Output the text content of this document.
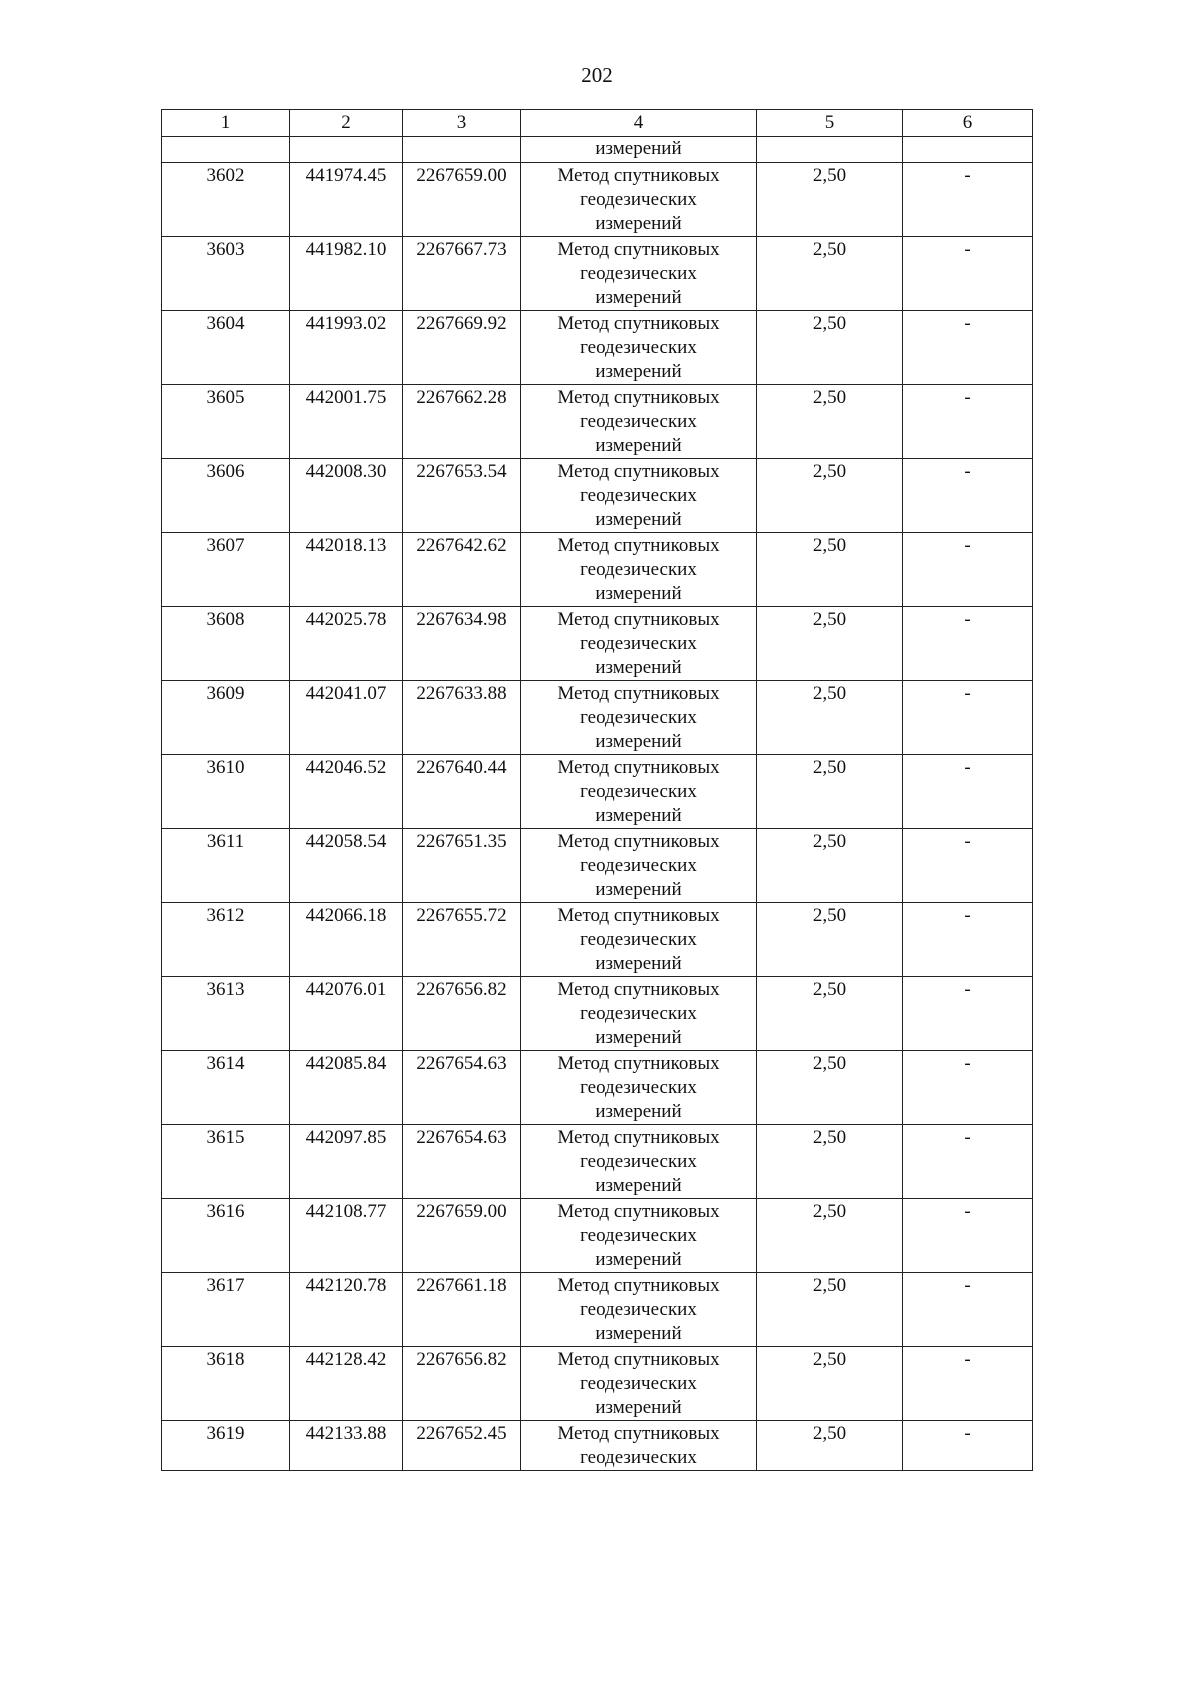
202
1	2	3	4	5	6
			измерений		
3602	441974.45	2267659.00	Метод спутниковых
геодезических
измерений	2,50	-
3603	441982.10	2267667.73	Метод спутниковых
геодезических
измерений	2,50	-
3604	441993.02	2267669.92	Метод спутниковых
геодезических
измерений	2,50	-
3605	442001.75	2267662.28	Метод спутниковых
геодезических
измерений	2,50	-
3606	442008.30	2267653.54	Метод спутниковых
геодезических
измерений	2,50	-
3607	442018.13	2267642.62	Метод спутниковых
геодезических
измерений	2,50	-
3608	442025.78	2267634.98	Метод спутниковых
геодезических
измерений	2,50	-
3609	442041.07	2267633.88	Метод спутниковых
геодезических
измерений	2,50	-
3610	442046.52	2267640.44	Метод спутниковых
геодезических
измерений	2,50	-
3611	442058.54	2267651.35	Метод спутниковых
геодезических
измерений	2,50	-
3612	442066.18	2267655.72	Метод спутниковых
геодезических
измерений	2,50	-
3613	442076.01	2267656.82	Метод спутниковых
геодезических
измерений	2,50	-
3614	442085.84	2267654.63	Метод спутниковых
геодезических
измерений	2,50	-
3615	442097.85	2267654.63	Метод спутниковых
геодезических
измерений	2,50	-
3616	442108.77	2267659.00	Метод спутниковых
геодезических
измерений	2,50	-
3617	442120.78	2267661.18	Метод спутниковых
геодезических
измерений	2,50	-
3618	442128.42	2267656.82	Метод спутниковых
геодезических
измерений	2,50	-
3619	442133.88	2267652.45	Метод спутниковых
геодезических	2,50	-
